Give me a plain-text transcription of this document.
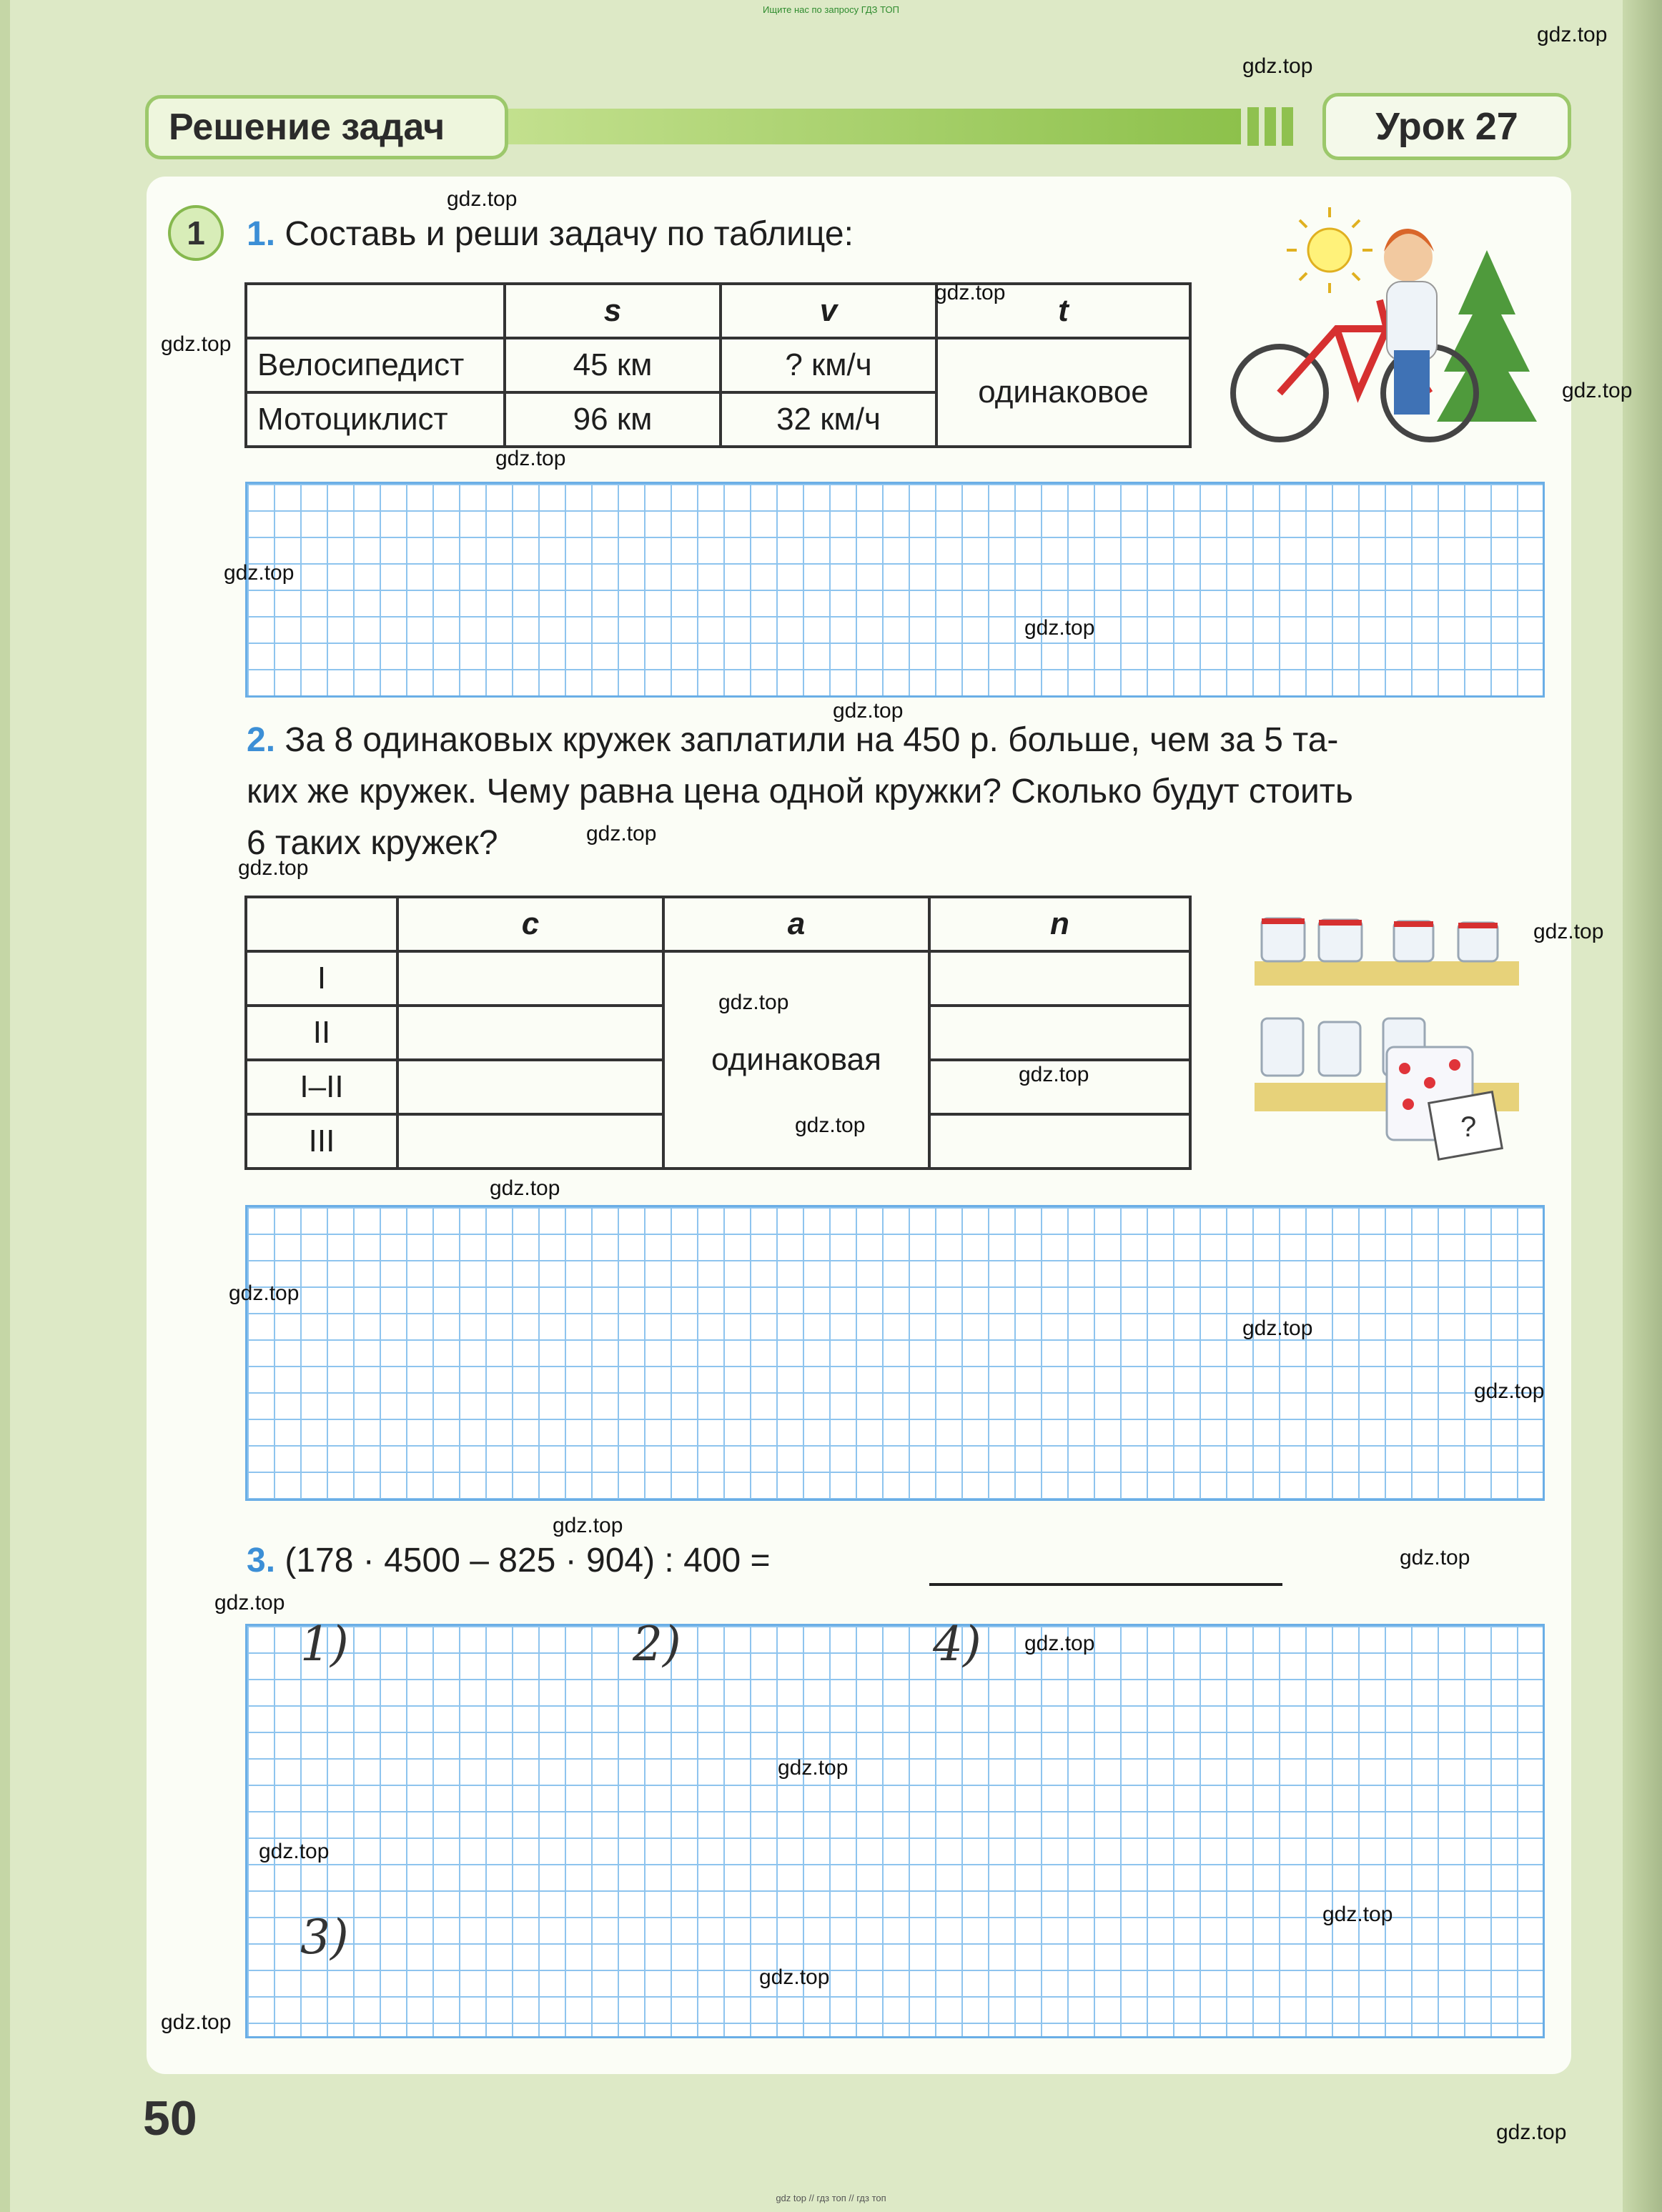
Ищите нас по запросу ГДЗ ТОП
Решение задач	Урок 27
1	1. Составь и реши задачу по таблице:
	s	v	t
Велосипедист	45 км	? км/ч	одинаковое
Мотоциклист	96 км	32 км/ч	
2. За 8 одинаковых кружек заплатили на 450 р. больше, чем за 5 та-
ких же кружек. Чему равна цена одной кружки? Сколько будут стоить
6 таких кружек?
	c	a	n
I		одинаковая	
II			
I–II			
III				?
3. (178 · 4500 – 825 · 904) : 400 =
1)	2)	4)
3)
50
gdz top // гдз топ // гдз топ
gdz.top
gdz.top
gdz.top
gdz.top
gdz.top
gdz.top
gdz.top
gdz.top
gdz.top
gdz.top
gdz.top
gdz.top
gdz.top
gdz.top
gdz.top
gdz.top
gdz.top
gdz.top
gdz.top
gdz.top
gdz.top
gdz.top
gdz.top
gdz.top
gdz.top
gdz.top
gdz.top
gdz.top
gdz.top
gdz.top
